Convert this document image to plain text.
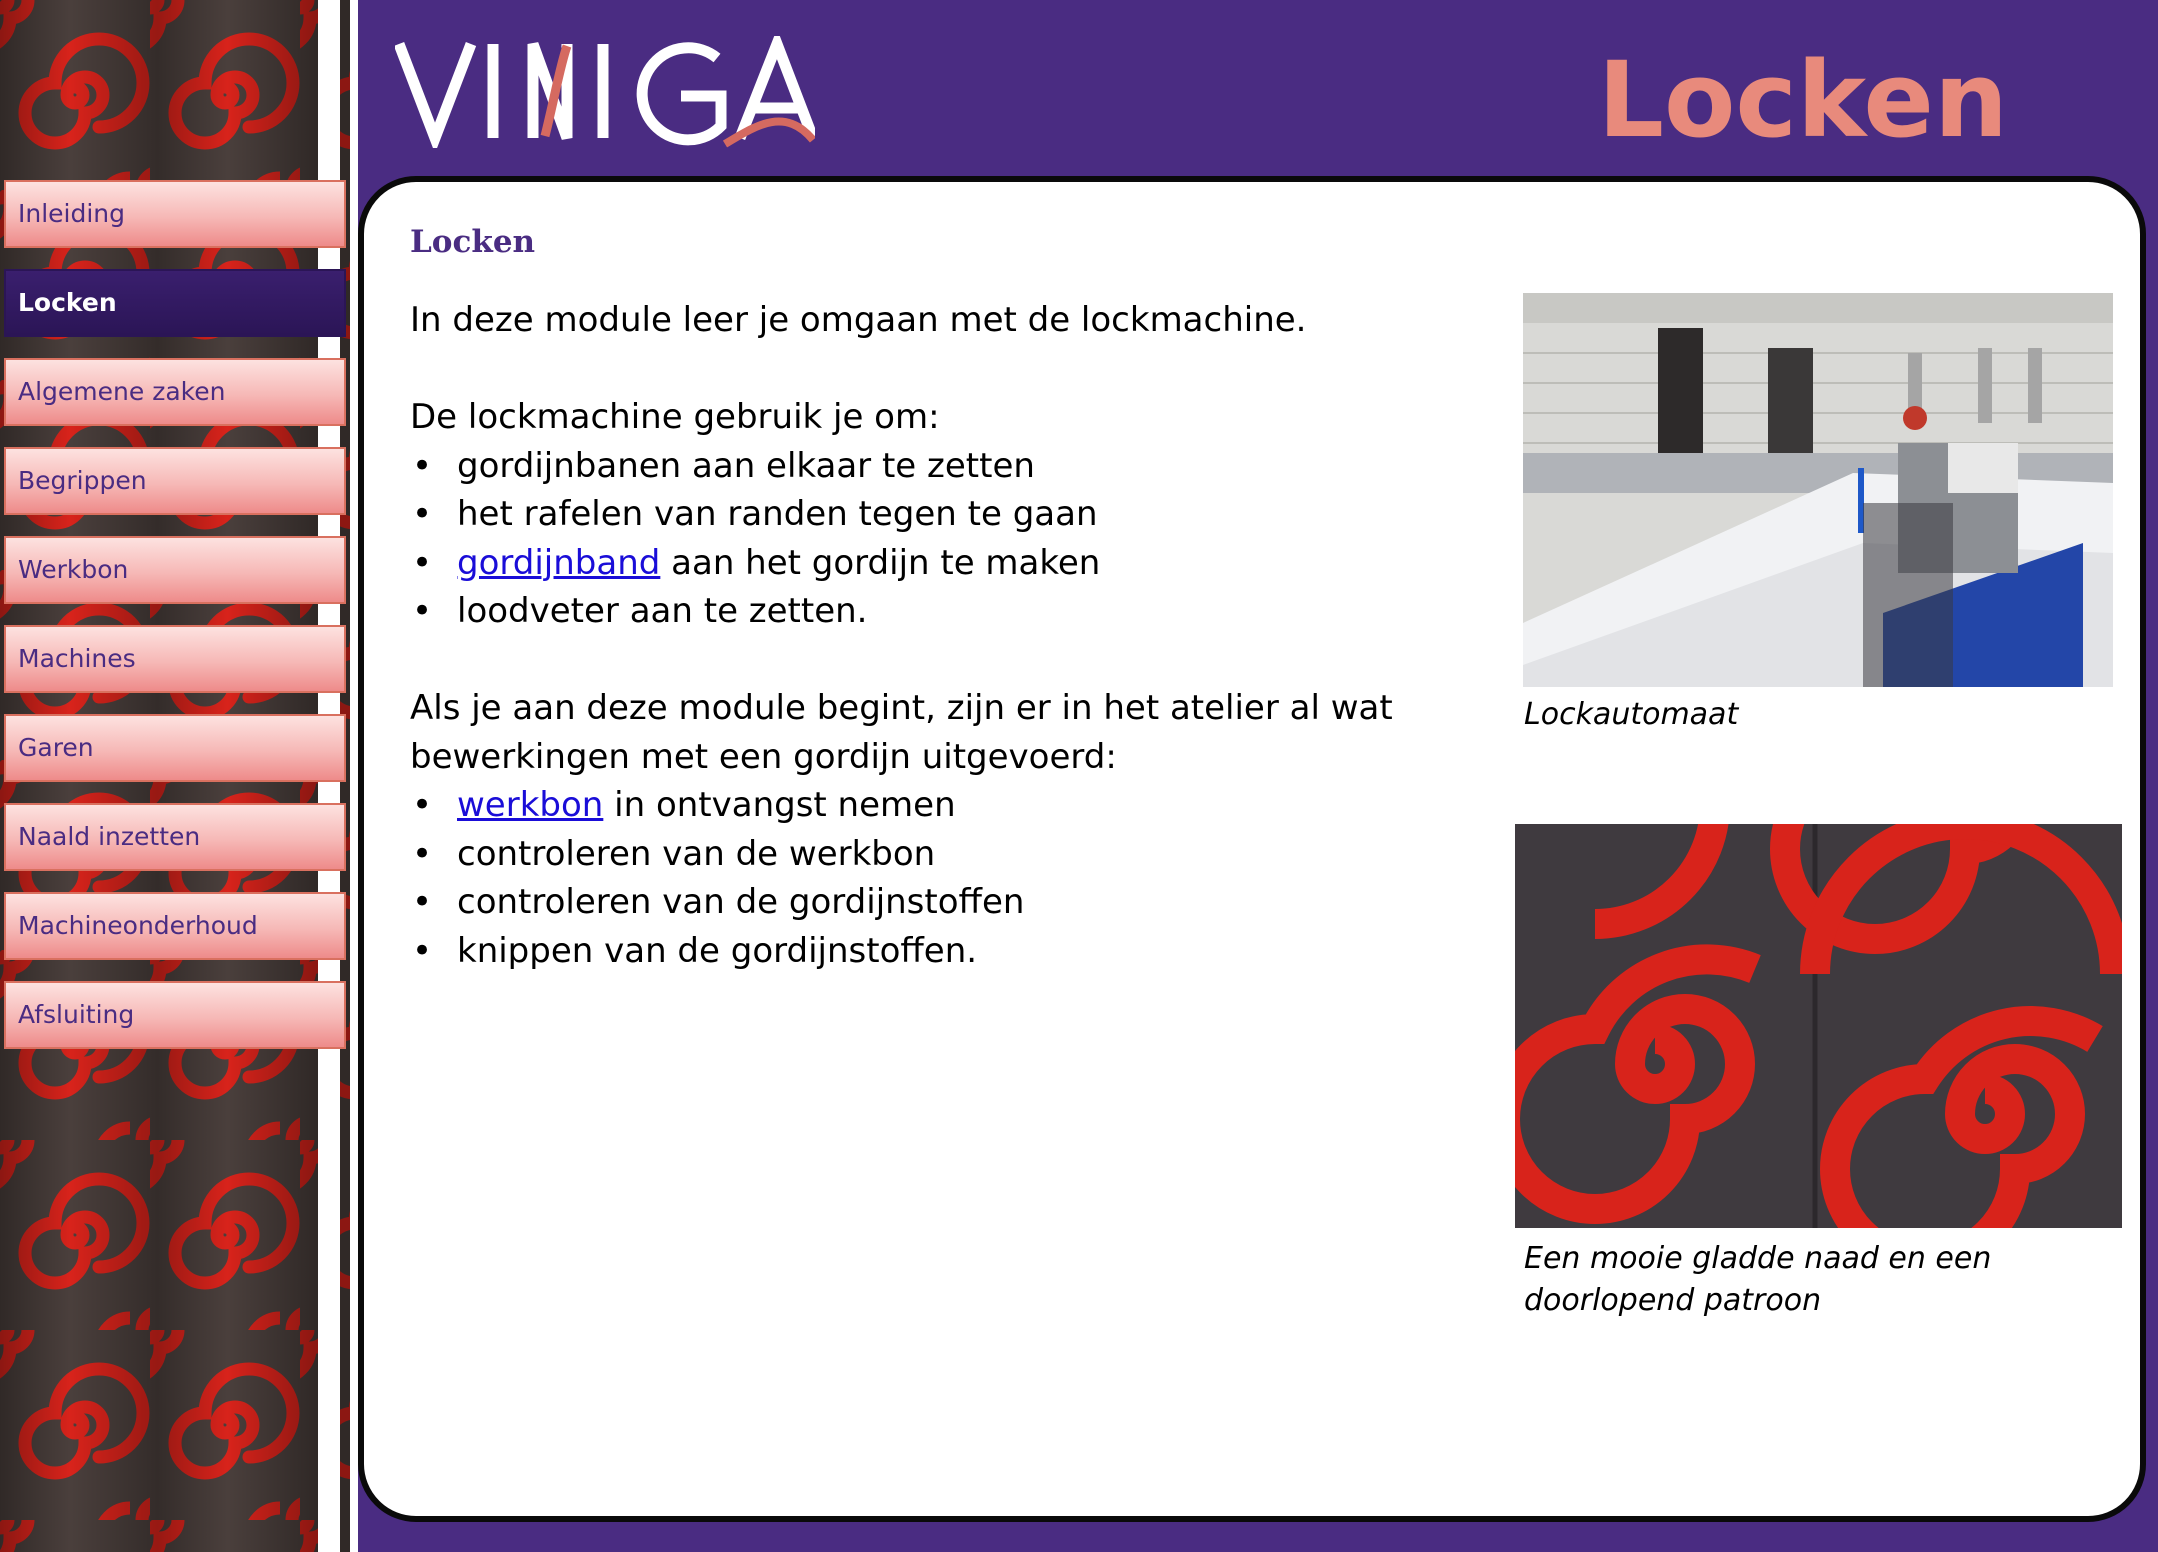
Locken
Inleiding
Locken
Algemene zaken
Begrippen
Werkbon
Machines
Garen
Naald inzetten
Machineonderhoud
Afsluiting
Locken

In deze module leer je omgaan met de lockmachine.

De lockmachine gebruik je om:

• gordijnbanen aan elkaar te zetten
• het rafelen van randen tegen te gaan
• gordijnband aan het gordijn te maken
• loodveter aan te zetten.

Als je aan deze module begint, zijn er in het atelier al wat bewerkingen met een gordijn uitgevoerd:

• werkbon in ontvangst nemen
• controleren van de werkbon
• controleren van de gordijnstoffen
• knippen van de gordijnstoffen.

Lockautomaat

Een mooie gladde naad en een doorlopend patroon
